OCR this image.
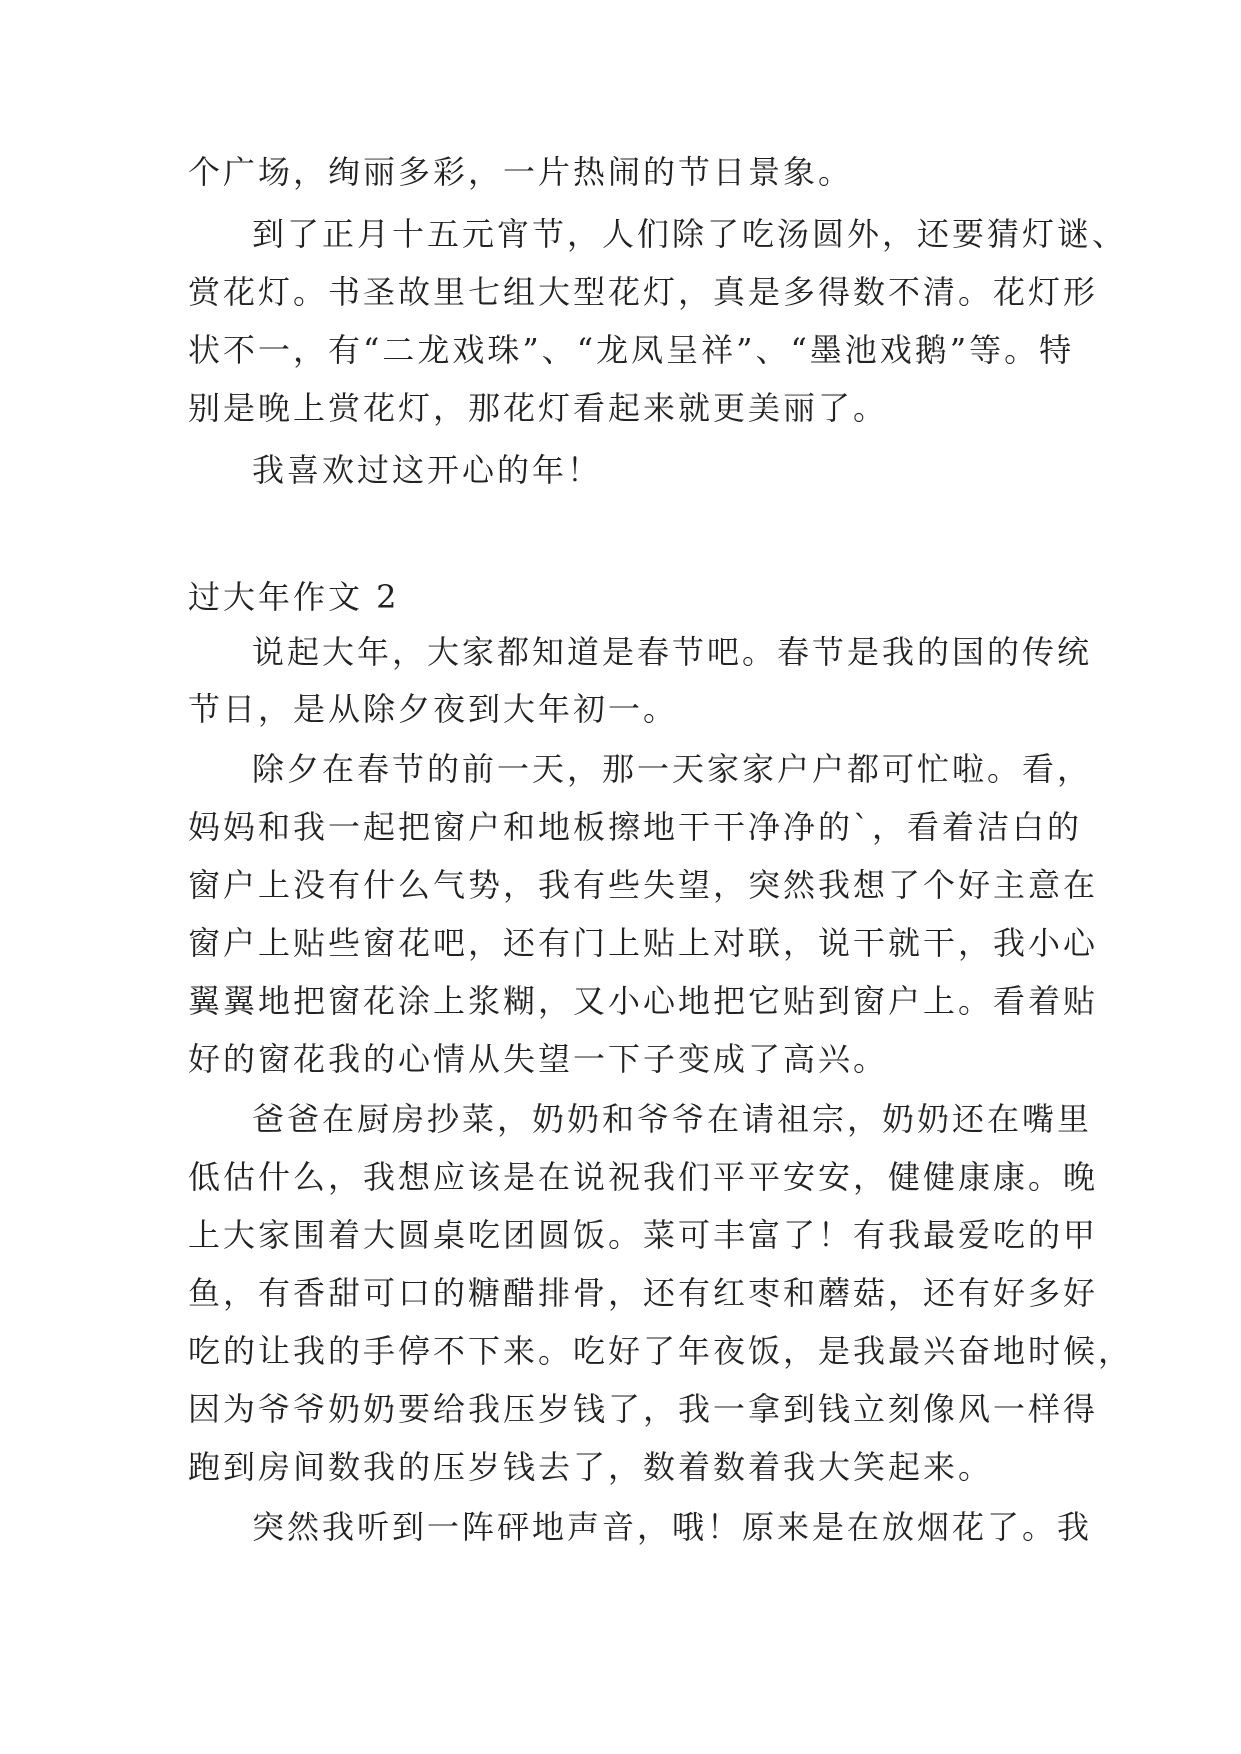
个广场，绚丽多彩，一片热闹的节日景象。
到了正月十五元宵节，人们除了吃汤圆外，还要猜灯谜、
赏花灯。书圣故里七组大型花灯，真是多得数不清。花灯形
状不一，有“二龙戏珠”、“龙凤呈祥”、“墨池戏鹅”等。特
别是晚上赏花灯，那花灯看起来就更美丽了。
我喜欢过这开心的年！
过大年作文 2
说起大年，大家都知道是春节吧。春节是我的国的传统
节日，是从除夕夜到大年初一。
除夕在春节的前一天，那一天家家户户都可忙啦。看，
妈妈和我一起把窗户和地板擦地干干净净的`，看着洁白的
窗户上没有什么气势，我有些失望，突然我想了个好主意在
窗户上贴些窗花吧，还有门上贴上对联，说干就干，我小心
翼翼地把窗花涂上浆糊，又小心地把它贴到窗户上。看着贴
好的窗花我的心情从失望一下子变成了高兴。
爸爸在厨房抄菜，奶奶和爷爷在请祖宗，奶奶还在嘴里
低估什么，我想应该是在说祝我们平平安安，健健康康。晚
上大家围着大圆桌吃团圆饭。菜可丰富了！有我最爱吃的甲
鱼，有香甜可口的糖醋排骨，还有红枣和蘑菇，还有好多好
吃的让我的手停不下来。吃好了年夜饭，是我最兴奋地时候，
因为爷爷奶奶要给我压岁钱了，我一拿到钱立刻像风一样得
跑到房间数我的压岁钱去了，数着数着我大笑起来。
突然我听到一阵砰地声音，哦！原来是在放烟花了。我
